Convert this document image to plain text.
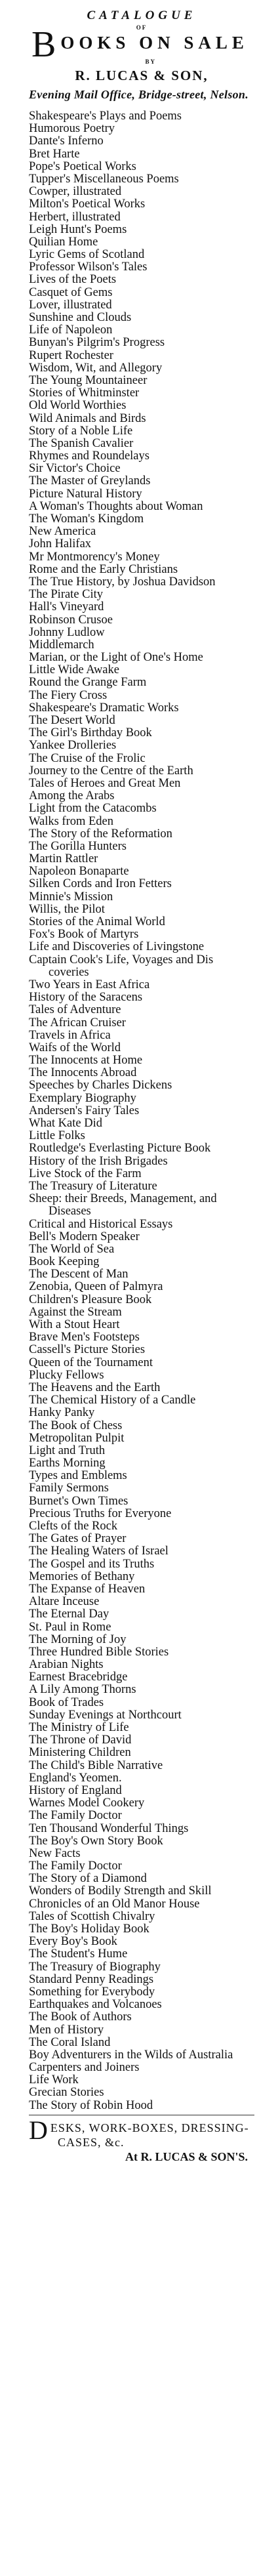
CATALOGUE
OF
BOOKS ON SALE
BY
R. LUCAS & SON,
Evening Mail Office, Bridge-street, Nelson.
Shakespeare's Plays and Poems
Humorous Poetry
Dante's Inferno
Bret Harte
Pope's Poetical Works
Tupper's Miscellaneous Poems
Cowper, illustrated
Milton's Poetical Works
Herbert, illustrated
Leigh Hunt's Poems
Quilian Home
Lyric Gems of Scotland
Professor Wilson's Tales
Lives of the Poets
Casquet of Gems
Lover, illustrated
Sunshine and Clouds
Life of Napoleon
Bunyan's Pilgrim's Progress
Rupert Rochester
Wisdom, Wit, and Allegory
The Young Mountaineer
Stories of Whitminster
Old World Worthies
Wild Animals and Birds
Story of a Noble Life
The Spanish Cavalier
Rhymes and Roundelays
Sir Victor's Choice
The Master of Greylands
Picture Natural History
A Woman's Thoughts about Woman
The Woman's Kingdom
New America
John Halifax
Mr Montmorency's Money
Rome and the Early Christians
The True History, by Joshua Davidson
The Pirate City
Hall's Vineyard
Robinson Crusoe
Johnny Ludlow
Middlemarch
Marian, or the Light of One's Home
Little Wide Awake
Round the Grange Farm
The Fiery Cross
Shakespeare's Dramatic Works
The Desert World
The Girl's Birthday Book
Yankee Drolleries
The Cruise of the Frolic
Journey to the Centre of the Earth
Tales of Heroes and Great Men
Among the Arabs
Light from the Catacombs
Walks from Eden
The Story of the Reformation
The Gorilla Hunters
Martin Rattler
Napoleon Bonaparte
Silken Cords and Iron Fetters
Minnie's Mission
Willis, the Pilot
Stories of the Animal World
Fox's Book of Martyrs
Life and Discoveries of Livingstone
Captain Cook's Life, Voyages and Dis
coveries
Two Years in East Africa
History of the Saracens
Tales of Adventure
The African Cruiser
Travels in Africa
Waifs of the World
The Innocents at Home
The Innocents Abroad
Speeches by Charles Dickens
Exemplary Biography
Andersen's Fairy Tales
What Kate Did
Little Folks
Routledge's Everlasting Picture Book
History of the Irish Brigades
Live Stock of the Farm
The Treasury of Literature
Sheep: their Breeds, Management, and
Diseases
Critical and Historical Essays
Bell's Modern Speaker
The World of Sea
Book Keeping
The Descent of Man
Zenobia, Queen of Palmyra
Children's Pleasure Book
Against the Stream
With a Stout Heart
Brave Men's Footsteps
Cassell's Picture Stories
Queen of the Tournament
Plucky Fellows
The Heavens and the Earth
The Chemical History of a Candle
Hanky Panky
The Book of Chess
Metropolitan Pulpit
Light and Truth
Earths Morning
Types and Emblems
Family Sermons
Burnet's Own Times
Precious Truths for Everyone
Clefts of the Rock
The Gates of Prayer
The Healing Waters of Israel
The Gospel and its Truths
Memories of Bethany
The Expanse of Heaven
Altare Inceuse
The Eternal Day
St. Paul in Rome
The Morning of Joy
Three Hundred Bible Stories
Arabian Nights
Earnest Bracebridge
A Lily Among Thorns
Book of Trades
Sunday Evenings at Northcourt
The Ministry of Life
The Throne of David
Ministering Children
The Child's Bible Narrative
England's Yeomen.
History of England
Warnes Model Cookery
The Family Doctor
Ten Thousand Wonderful Things
The Boy's Own Story Book
New Facts
The Family Doctor
The Story of a Diamond
Wonders of Bodily Strength and Skill
Chronicles of an Old Manor House
Tales of Scottish Chivalry
The Boy's Holiday Book
Every Boy's Book
The Student's Hume
The Treasury of Biography
Standard Penny Readings
Something for Everybody
Earthquakes and Volcanoes
The Book of Authors
Men of History
The Coral Island
Boy Adventurers in the Wilds of Australia
Carpenters and Joiners
Life Work
Grecian Stories
The Story of Robin Hood
D ESKS, WORK-BOXES, DRESSING-
CASES, &c.
At R. LUCAS & SON'S.
